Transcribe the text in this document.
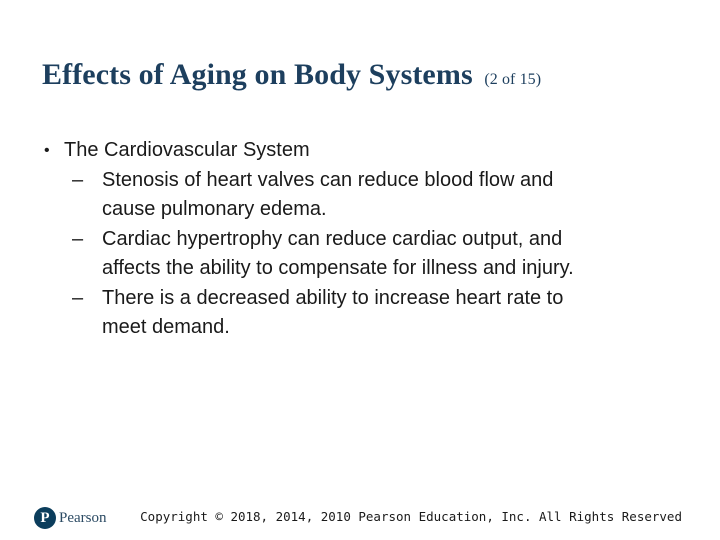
Effects of Aging on Body Systems (2 of 15)
• The Cardiovascular System
– Stenosis of heart valves can reduce blood flow and
cause pulmonary edema.
– Cardiac hypertrophy can reduce cardiac output, and
affects the ability to compensate for illness and injury.
– There is a decreased ability to increase heart rate to
meet demand.
P Pearson	Copyright © 2018, 2014, 2010 Pearson Education, Inc. All Rights Reserved
